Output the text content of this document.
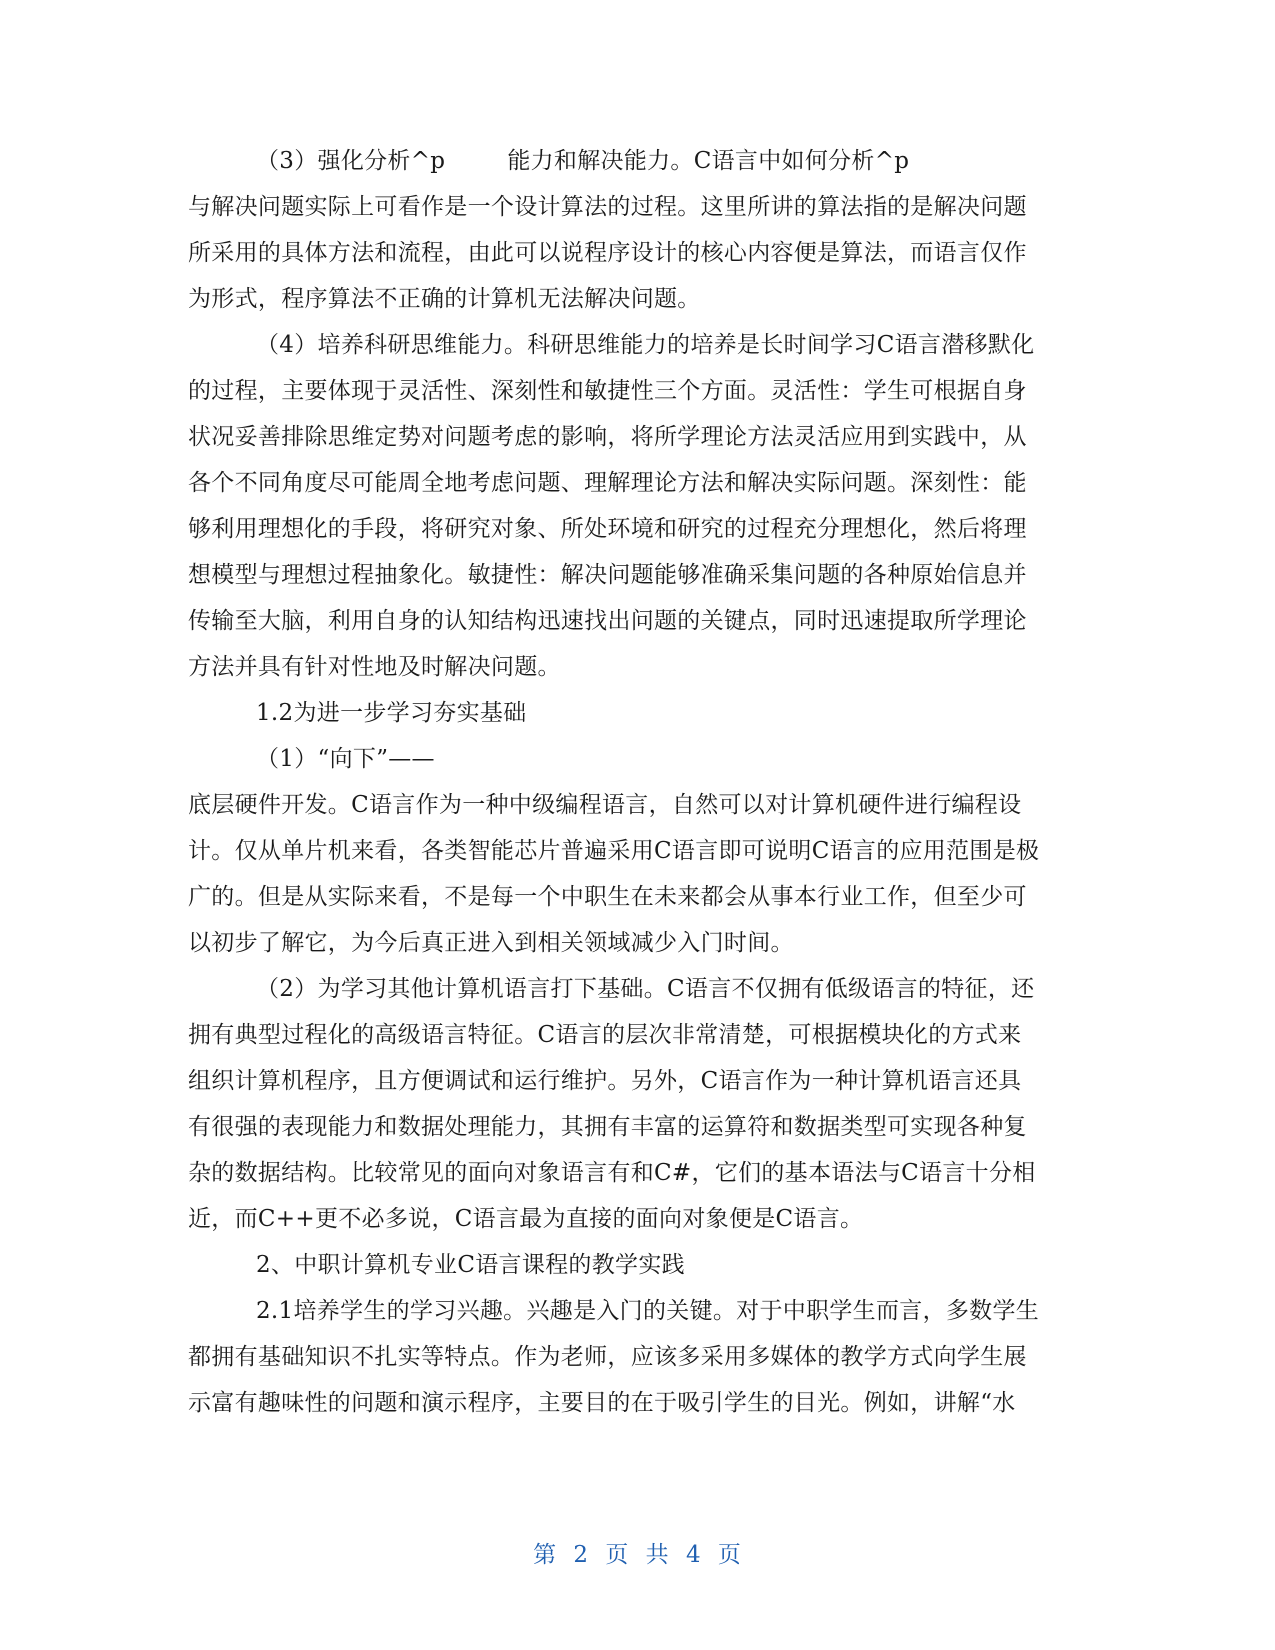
（3）强化分析^p	能力和解决能力。C语言中如何分析^p
与解决问题实际上可看作是一个设计算法的过程。这里所讲的算法指的是解决问题
所采用的具体方法和流程，由此可以说程序设计的核心内容便是算法，而语言仅作
为形式，程序算法不正确的计算机无法解决问题。
（4）培养科研思维能力。科研思维能力的培养是长时间学习C语言潜移默化
的过程，主要体现于灵活性、深刻性和敏捷性三个方面。灵活性：学生可根据自身
状况妥善排除思维定势对问题考虑的影响，将所学理论方法灵活应用到实践中，从
各个不同角度尽可能周全地考虑问题、理解理论方法和解决实际问题。深刻性：能
够利用理想化的手段，将研究对象、所处环境和研究的过程充分理想化，然后将理
想模型与理想过程抽象化。敏捷性：解决问题能够准确采集问题的各种原始信息并
传输至大脑，利用自身的认知结构迅速找出问题的关键点，同时迅速提取所学理论
方法并具有针对性地及时解决问题。
1.2为进一步学习夯实基础
（1）“向下”——
底层硬件开发。C语言作为一种中级编程语言，自然可以对计算机硬件进行编程设
计。仅从单片机来看，各类智能芯片普遍采用C语言即可说明C语言的应用范围是极
广的。但是从实际来看，不是每一个中职生在未来都会从事本行业工作，但至少可
以初步了解它，为今后真正进入到相关领域减少入门时间。
（2）为学习其他计算机语言打下基础。C语言不仅拥有低级语言的特征，还
拥有典型过程化的高级语言特征。C语言的层次非常清楚，可根据模块化的方式来
组织计算机程序，且方便调试和运行维护。另外，C语言作为一种计算机语言还具
有很强的表现能力和数据处理能力，其拥有丰富的运算符和数据类型可实现各种复
杂的数据结构。比较常见的面向对象语言有和C#，它们的基本语法与C语言十分相
近，而C++更不必多说，C语言最为直接的面向对象便是C语言。
2、中职计算机专业C语言课程的教学实践
2.1培养学生的学习兴趣。兴趣是入门的关键。对于中职学生而言，多数学生
都拥有基础知识不扎实等特点。作为老师，应该多采用多媒体的教学方式向学生展
示富有趣味性的问题和演示程序，主要目的在于吸引学生的目光。例如，讲解“水
第 2 页 共 4 页
